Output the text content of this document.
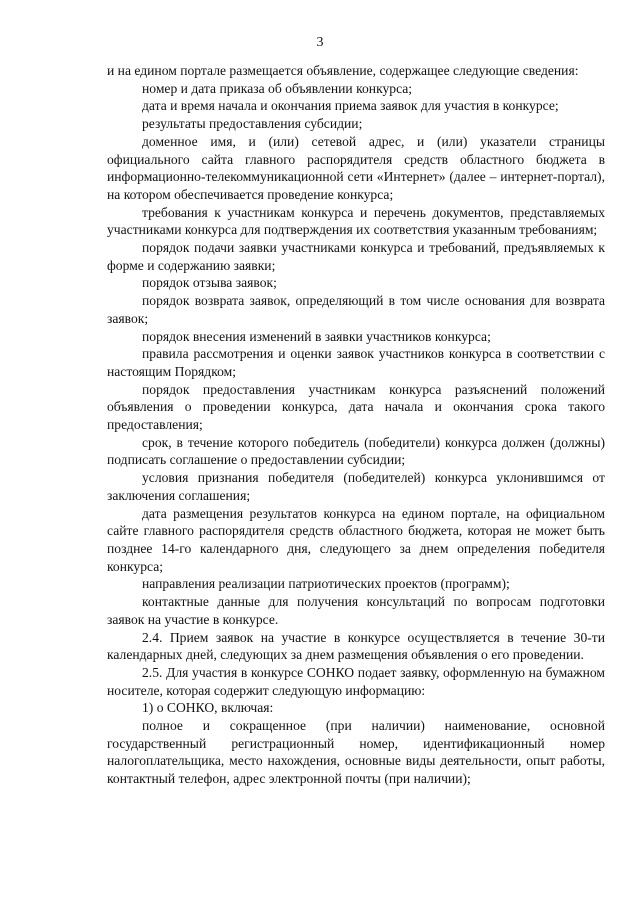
3

и на едином портале размещается объявление, содержащее следующие сведения:

номер и дата приказа об объявлении конкурса;

дата и время начала и окончания приема заявок для участия в конкурсе;

результаты предоставления субсидии;

доменное имя, и (или) сетевой адрес, и (или) указатели страницы официального сайта главного распорядителя средств областного бюджета в информационно-телекоммуникационной сети «Интернет» (далее – интернет-портал), на котором обеспечивается проведение конкурса;

требования к участникам конкурса и перечень документов, представляемых участниками конкурса для подтверждения их соответствия указанным требованиям;

порядок подачи заявки участниками конкурса и требований, предъявляемых к форме и содержанию заявки;

порядок отзыва заявок;

порядок возврата заявок, определяющий в том числе основания для возврата заявок;

порядок внесения изменений в заявки участников конкурса;

правила рассмотрения и оценки заявок участников конкурса в соответствии с настоящим Порядком;

порядок предоставления участникам конкурса разъяснений положений объявления о проведении конкурса, дата начала и окончания срока такого предоставления;

срок, в течение которого победитель (победители) конкурса должен (должны) подписать соглашение о предоставлении субсидии;

условия признания победителя (победителей) конкурса уклонившимся от заключения соглашения;

дата размещения результатов конкурса на едином портале, на официальном сайте главного распорядителя средств областного бюджета, которая не может быть позднее 14-го календарного дня, следующего за днем определения победителя конкурса;

направления реализации патриотических проектов (программ);

контактные данные для получения консультаций по вопросам подготовки заявок на участие в конкурсе.

2.4. Прием заявок на участие в конкурсе осуществляется в течение 30-ти календарных дней, следующих за днем размещения объявления о его проведении.

2.5. Для участия в конкурсе СОНКО подает заявку, оформленную на бумажном носителе, которая содержит следующую информацию:

1) о СОНКО, включая:

полное и сокращенное (при наличии) наименование, основной государственный регистрационный номер, идентификационный номер налогоплательщика, место нахождения, основные виды деятельности, опыт работы, контактный телефон, адрес электронной почты (при наличии);
